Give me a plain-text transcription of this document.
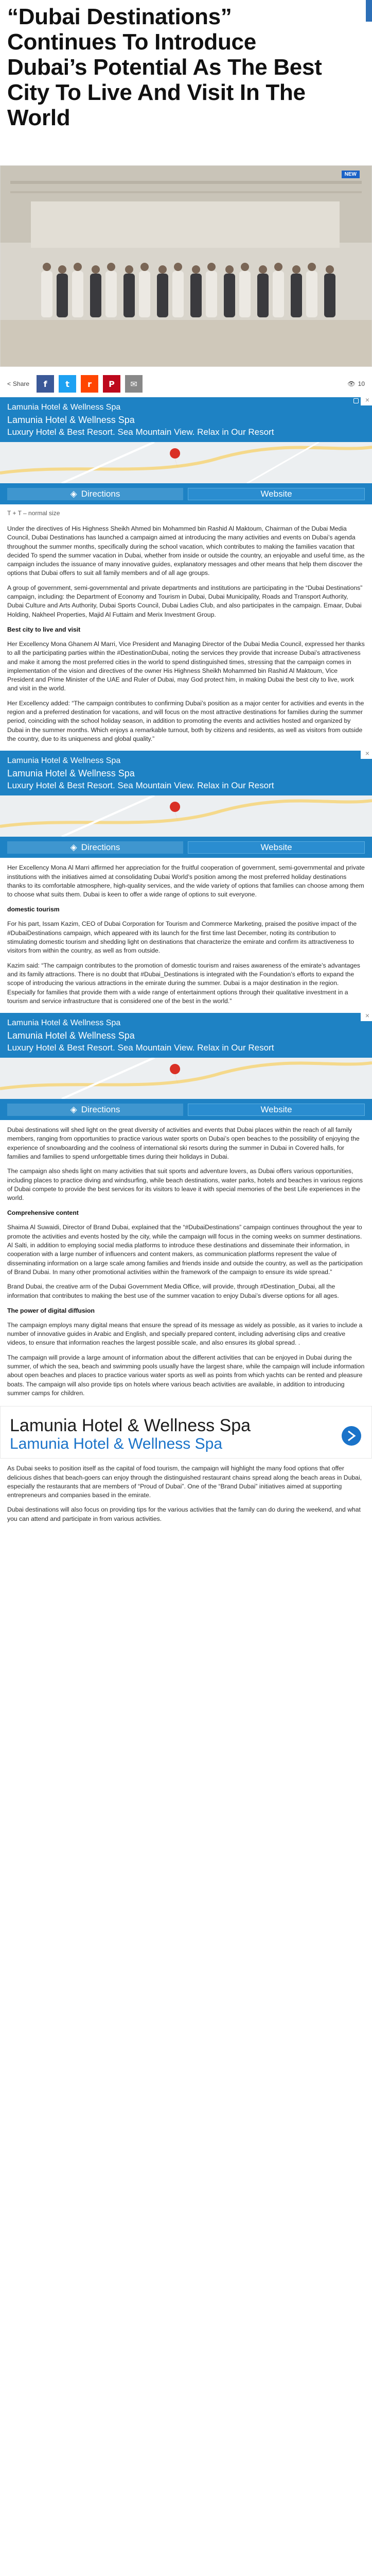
“Dubai Destinations” Continues To Introduce Dubai’s Potential As The Best City To Live And Visit In The World
NEW
< Share	f	t	r	P	✉	👁 10
×
Lamunia Hotel & Wellness Spa
Lamunia Hotel & Wellness Spa
Luxury Hotel & Best Resort. Sea Mountain View. Relax in Our Resort
◈ Directions	Website
T + T – normal size

Under the directives of His Highness Sheikh Ahmed bin Mohammed bin Rashid Al Maktoum, Chairman of the Dubai Media Council, Dubai Destinations has launched a campaign aimed at introducing the many activities and events on Dubai’s agenda throughout the summer months, specifically during the school vacation, which contributes to making the families vacation that decided To spend the summer vacation in Dubai, whether from inside or outside the country, an enjoyable and useful time, as the campaign includes the issuance of many innovative guides, explanatory messages and other means that help them discover the options that Dubai offers to suit all family members and of all age groups.

A group of government, semi-governmental and private departments and institutions are participating in the “Dubai Destinations” campaign, including: the Department of Economy and Tourism in Dubai, Dubai Municipality, Roads and Transport Authority, Dubai Culture and Arts Authority, Dubai Sports Council, Dubai Ladies Club, and also participates in the campaign. Emaar, Dubai Holding, Nakheel Properties, Majid Al Futtaim and Merix Investment Group.

Best city to live and visit

Her Excellency Mona Ghanem Al Marri, Vice President and Managing Director of the Dubai Media Council, expressed her thanks to all the participating parties within the #DestinationDubai, noting the services they provide that increase Dubai’s attractiveness and make it among the most preferred cities in the world to spend distinguished times, stressing that the campaign comes in implementation of the vision and directives of the owner His Highness Sheikh Mohammed bin Rashid Al Maktoum, Vice President and Prime Minister of the UAE and Ruler of Dubai, may God protect him, in making Dubai the best city to live, work and visit in the world.

Her Excellency added: “The campaign contributes to confirming Dubai’s position as a major center for activities and events in the region and a preferred destination for vacations, and will focus on the most attractive destinations for families during the summer period, coinciding with the school holiday season, in addition to promoting the events and activities hosted and organized by Dubai in the summer months. Which enjoys a remarkable turnout, both by citizens and residents, as well as visitors from outside the country, due to its uniqueness and global quality.”

×
Lamunia Hotel & Wellness Spa
Lamunia Hotel & Wellness Spa
Luxury Hotel & Best Resort. Sea Mountain View. Relax in Our Resort
◈ Directions	Website

Her Excellency Mona Al Marri affirmed her appreciation for the fruitful cooperation of government, semi-governmental and private institutions with the initiatives aimed at consolidating Dubai World’s position among the most preferred holiday destinations thanks to its comfortable atmosphere, high-quality services, and the wide variety of options that families can choose among them to choose what suits them. Dubai is keen to offer a wide range of options to suit everyone.

domestic tourism

For his part, Issam Kazim, CEO of Dubai Corporation for Tourism and Commerce Marketing, praised the positive impact of the #DubaiDestinations campaign, which appeared with its launch for the first time last December, noting its contribution to stimulating domestic tourism and shedding light on destinations that characterize the emirate and confirm its attractiveness to visitors from within the country, as well as from outside.

Kazim said: “The campaign contributes to the promotion of domestic tourism and raises awareness of the emirate’s advantages and its family attractions. There is no doubt that #Dubai_Destinations is integrated with the Foundation’s efforts to expand the scope of introducing the various attractions in the emirate during the summer. Dubai is a major destination in the region. Especially for families that provide them with a wide range of entertainment options through their qualitative investment in a tourism and service infrastructure that is considered one of the best in the world.”

×
Lamunia Hotel & Wellness Spa
Lamunia Hotel & Wellness Spa
Luxury Hotel & Best Resort. Sea Mountain View. Relax in Our Resort
◈ Directions	Website

Dubai destinations will shed light on the great diversity of activities and events that Dubai places within the reach of all family members, ranging from opportunities to practice various water sports on Dubai’s open beaches to the possibility of enjoying the experience of snowboarding and the coolness of international ski resorts during the summer in Dubai in Covered halls, for families and families to spend unforgettable times during their holidays in Dubai.

The campaign also sheds light on many activities that suit sports and adventure lovers, as Dubai offers various opportunities, including places to practice diving and windsurfing, while beach destinations, water parks, hotels and beaches in various regions of Dubai compete to provide the best services for its visitors to leave it with special memories of the best Life experiences in the world.

Comprehensive content

Shaima Al Suwaidi, Director of Brand Dubai, explained that the “#DubaiDestinations” campaign continues throughout the year to promote the activities and events hosted by the city, while the campaign will focus in the coming weeks on summer destinations. Al Salti, in addition to employing social media platforms to introduce these destinations and disseminate their information, in cooperation with a large number of influencers and content makers, as communication platforms represent the value of disseminating information on a large scale among families and friends inside and outside the country, as well as the participation of Brand Dubai. In many other promotional activities within the framework of the campaign to ensure its wide spread.”

Brand Dubai, the creative arm of the Dubai Government Media Office, will provide, through #Destination_Dubai, all the information that contributes to making the best use of the summer vacation to enjoy Dubai’s diverse options for all ages.

The power of digital diffusion

The campaign employs many digital means that ensure the spread of its message as widely as possible, as it varies to include a number of innovative guides in Arabic and English, and specially prepared content, including advertising clips and creative videos, to ensure that information reaches the largest possible scale, and also ensures its global spread. .

The campaign will provide a large amount of information about the different activities that can be enjoyed in Dubai during the summer, of which the sea, beach and swimming pools usually have the largest share, while the campaign will include information about open beaches and places to practice various water sports as well as points from which yachts can be rented and pleasure boats. The campaign will also provide tips on hotels where various beach activities are available, in addition to introducing summer camps for children.

Lamunia Hotel & Wellness Spa
Lamunia Hotel & Wellness Spa

As Dubai seeks to position itself as the capital of food tourism, the campaign will highlight the many food options that offer delicious dishes that beach-goers can enjoy through the distinguished restaurant chains spread along the beach areas in Dubai, especially the restaurants that are members of “Proud of Dubai”. One of the “Brand Dubai” initiatives aimed at supporting entrepreneurs and companies based in the emirate.

Dubai destinations will also focus on providing tips for the various activities that the family can do during the weekend, and what you can attend and participate in from various activities.
